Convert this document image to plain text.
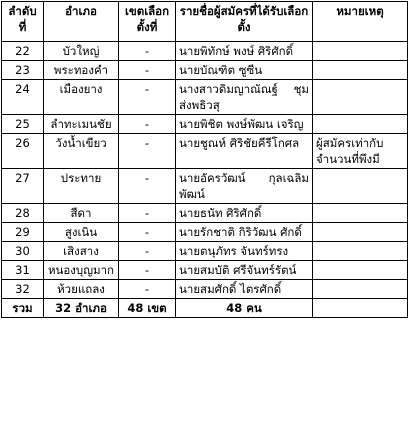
ลำดับที่	อำเภอ	เขตเลือกตั้งที่	รายชื่อผู้สมัครที่ได้รับเลือกตั้ง	หมายเหตุ
22	บัวใหญ่	-	นายพิทักษ์ พงษ์ ศิริศักดิ์	
23	พระทองคำ	-	นายบัณฑิต ซูซีน	
24	เมืองยาง	-	นางสาวดิมญาณัณฐ์ ชุมส่งพธิวสุ	
25	ลำทะเมนชัย	-	นายพิชิต พงษ์พัฒน เจริญ	
26	วังน้ำเขียว	-	นายชูณห์ ศิริชัยคีรีโกศล	ผู้สมัครเท่ากับจำนวนที่พึงมี
27	ประทาย	-	นายอัครวัฒน์ กุลเฉลิมพัฒน์	
28	สีดา	-	นายธนัท ศิริศักดิ์	
29	สูงเนิน	-	นายรักชาติ กิริวัฒน ศักดิ์	
30	เสิงสาง	-	นายตนุภัทร จันทร์ทรง	
31	หนองบุญมาก	-	นายสมบัติ ศรีจันทร์รัตน์	
32	ห้วยแถลง	-	นายสมศักดิ์ ไตรศักดิ์	
รวม	32 อำเภอ	48 เขต	48 คน	
